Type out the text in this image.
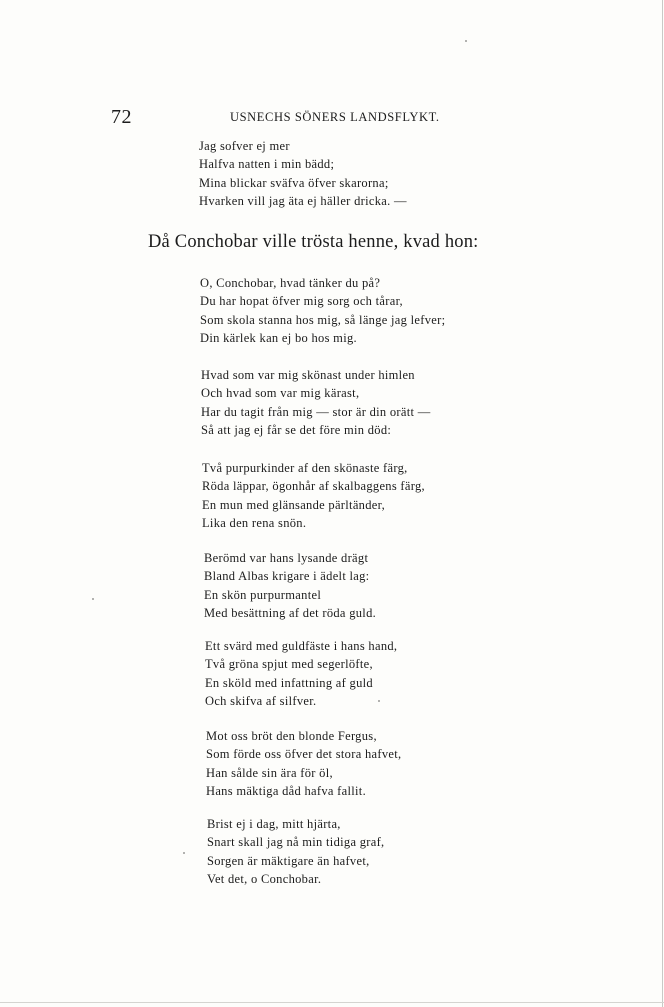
72	USNECHS SÖNERS LANDSFLYKT.
Jag sofver ej mer
Halfva natten i min bädd;
Mina blickar sväfva öfver skarorna;
Hvarken vill jag äta ej häller dricka. —
Då Conchobar ville trösta henne, kvad hon:
O, Conchobar, hvad tänker du på?
Du har hopat öfver mig sorg och tårar,
Som skola stanna hos mig, så länge jag lefver;
Din kärlek kan ej bo hos mig.
Hvad som var mig skönast under himlen
Och hvad som var mig kärast,
Har du tagit från mig — stor är din orätt —
Så att jag ej får se det före min död:
Två purpurkinder af den skönaste färg,
Röda läppar, ögonhår af skalbaggens färg,
En mun med glänsande pärltänder,
Lika den rena snön.
Berömd var hans lysande drägt
Bland Albas krigare i ädelt lag:
En skön purpurmantel
Med besättning af det röda guld.
Ett svärd med guldfäste i hans hand,
Två gröna spjut med segerlöfte,
En sköld med infattning af guld
Och skifva af silfver.
Mot oss bröt den blonde Fergus,
Som förde oss öfver det stora hafvet,
Han sålde sin ära för öl,
Hans mäktiga dåd hafva fallit.
Brist ej i dag, mitt hjärta,
Snart skall jag nå min tidiga graf,
Sorgen är mäktigare än hafvet,
Vet det, o Conchobar.
